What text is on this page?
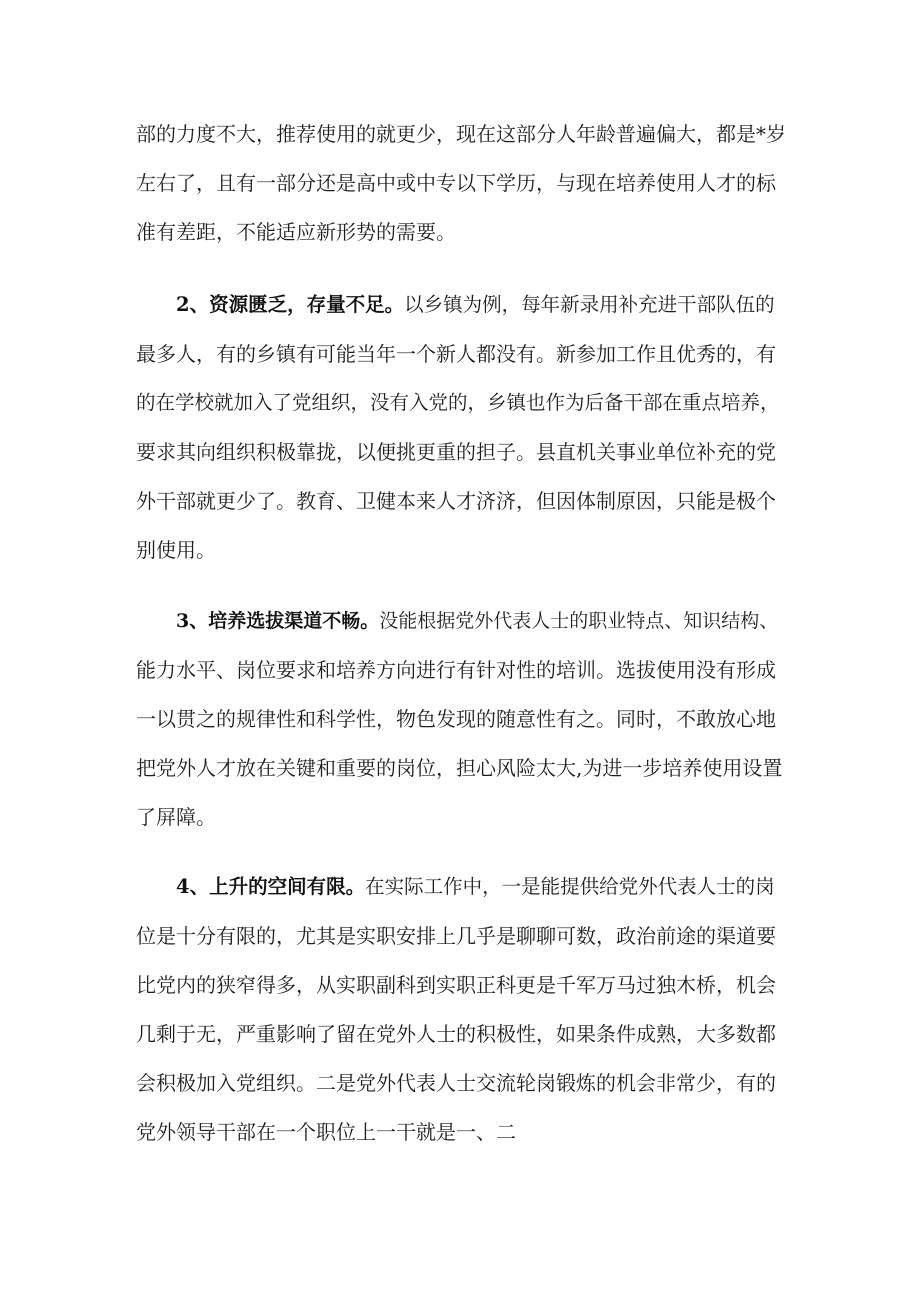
部的力度不大，推荐使用的就更少，现在这部分人年龄普遍偏大，都是*岁
左右了，且有一部分还是高中或中专以下学历，与现在培养使用人才的标
准有差距，不能适应新形势的需要。
2、资源匮乏，存量不足。以乡镇为例，每年新录用补充进干部队伍的
最多人，有的乡镇有可能当年一个新人都没有。新参加工作且优秀的，有
的在学校就加入了党组织，没有入党的，乡镇也作为后备干部在重点培养，
要求其向组织积极靠拢，以便挑更重的担子。县直机关事业单位补充的党
外干部就更少了。教育、卫健本来人才济济，但因体制原因，只能是极个
别使用。
3、培养选拔渠道不畅。没能根据党外代表人士的职业特点、知识结构、
能力水平、岗位要求和培养方向进行有针对性的培训。选拔使用没有形成
一以贯之的规律性和科学性，物色发现的随意性有之。同时，不敢放心地
把党外人才放在关键和重要的岗位，担心风险太大,为进一步培养使用设置
了屏障。
4、上升的空间有限。在实际工作中，一是能提供给党外代表人士的岗
位是十分有限的，尤其是实职安排上几乎是聊聊可数，政治前途的渠道要
比党内的狭窄得多，从实职副科到实职正科更是千军万马过独木桥，机会
几剩于无，严重影响了留在党外人士的积极性，如果条件成熟，大多数都
会积极加入党组织。二是党外代表人士交流轮岗锻炼的机会非常少，有的
党外领导干部在一个职位上一干就是一、二
